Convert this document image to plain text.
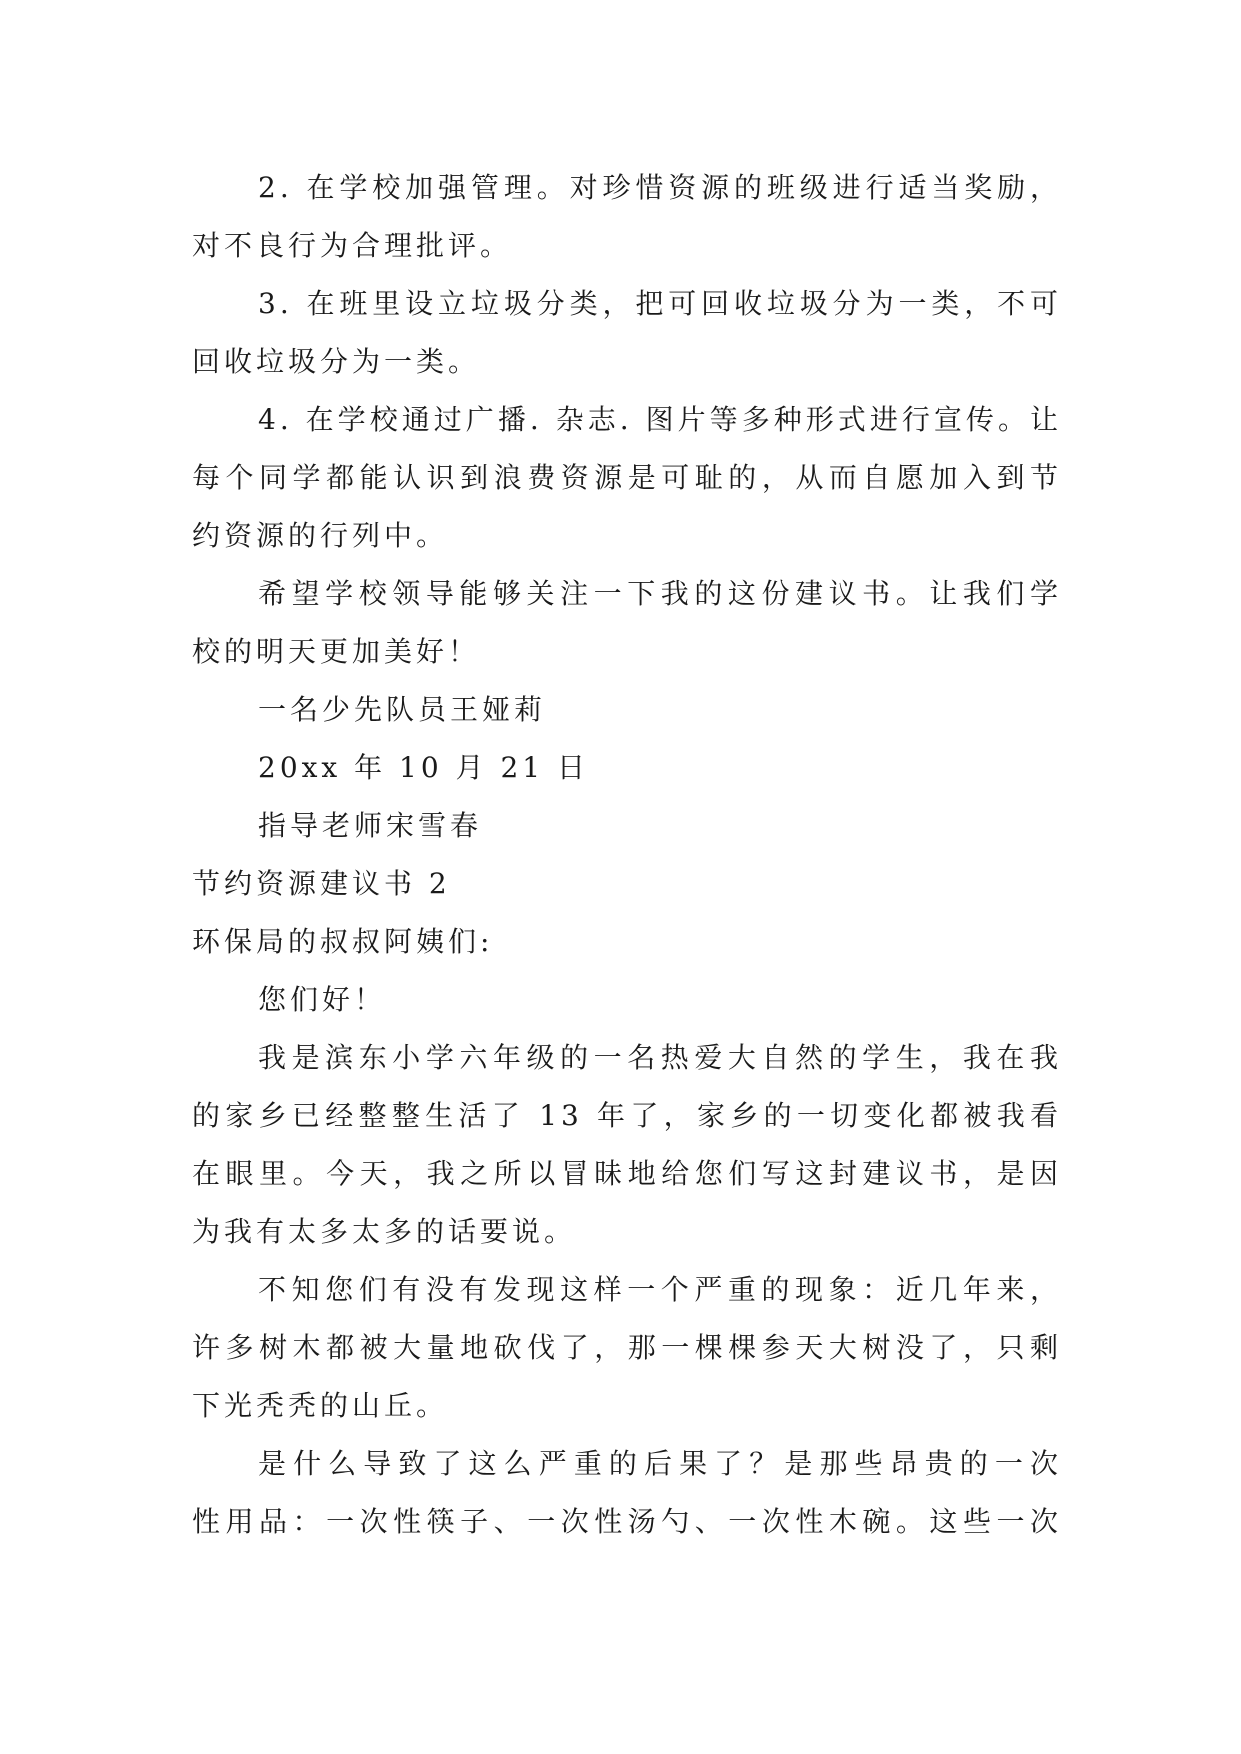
2. 在学校加强管理。对珍惜资源的班级进行适当奖励，
对不良行为合理批评。
3. 在班里设立垃圾分类，把可回收垃圾分为一类，不可
回收垃圾分为一类。
4. 在学校通过广播. 杂志. 图片等多种形式进行宣传。让
每个同学都能认识到浪费资源是可耻的，从而自愿加入到节
约资源的行列中。
希望学校领导能够关注一下我的这份建议书。让我们学
校的明天更加美好！
一名少先队员王娅莉
20xx 年 10 月 21 日
指导老师宋雪春
节约资源建议书 2
环保局的叔叔阿姨们:
您们好！
我是滨东小学六年级的一名热爱大自然的学生，我在我
的家乡已经整整生活了 13 年了，家乡的一切变化都被我看
在眼里。今天，我之所以冒昧地给您们写这封建议书，是因
为我有太多太多的话要说。
不知您们有没有发现这样一个严重的现象：近几年来，
许多树木都被大量地砍伐了，那一棵棵参天大树没了，只剩
下光秃秃的山丘。
是什么导致了这么严重的后果了？是那些昂贵的一次
性用品：一次性筷子、一次性汤勺、一次性木碗。这些一次
